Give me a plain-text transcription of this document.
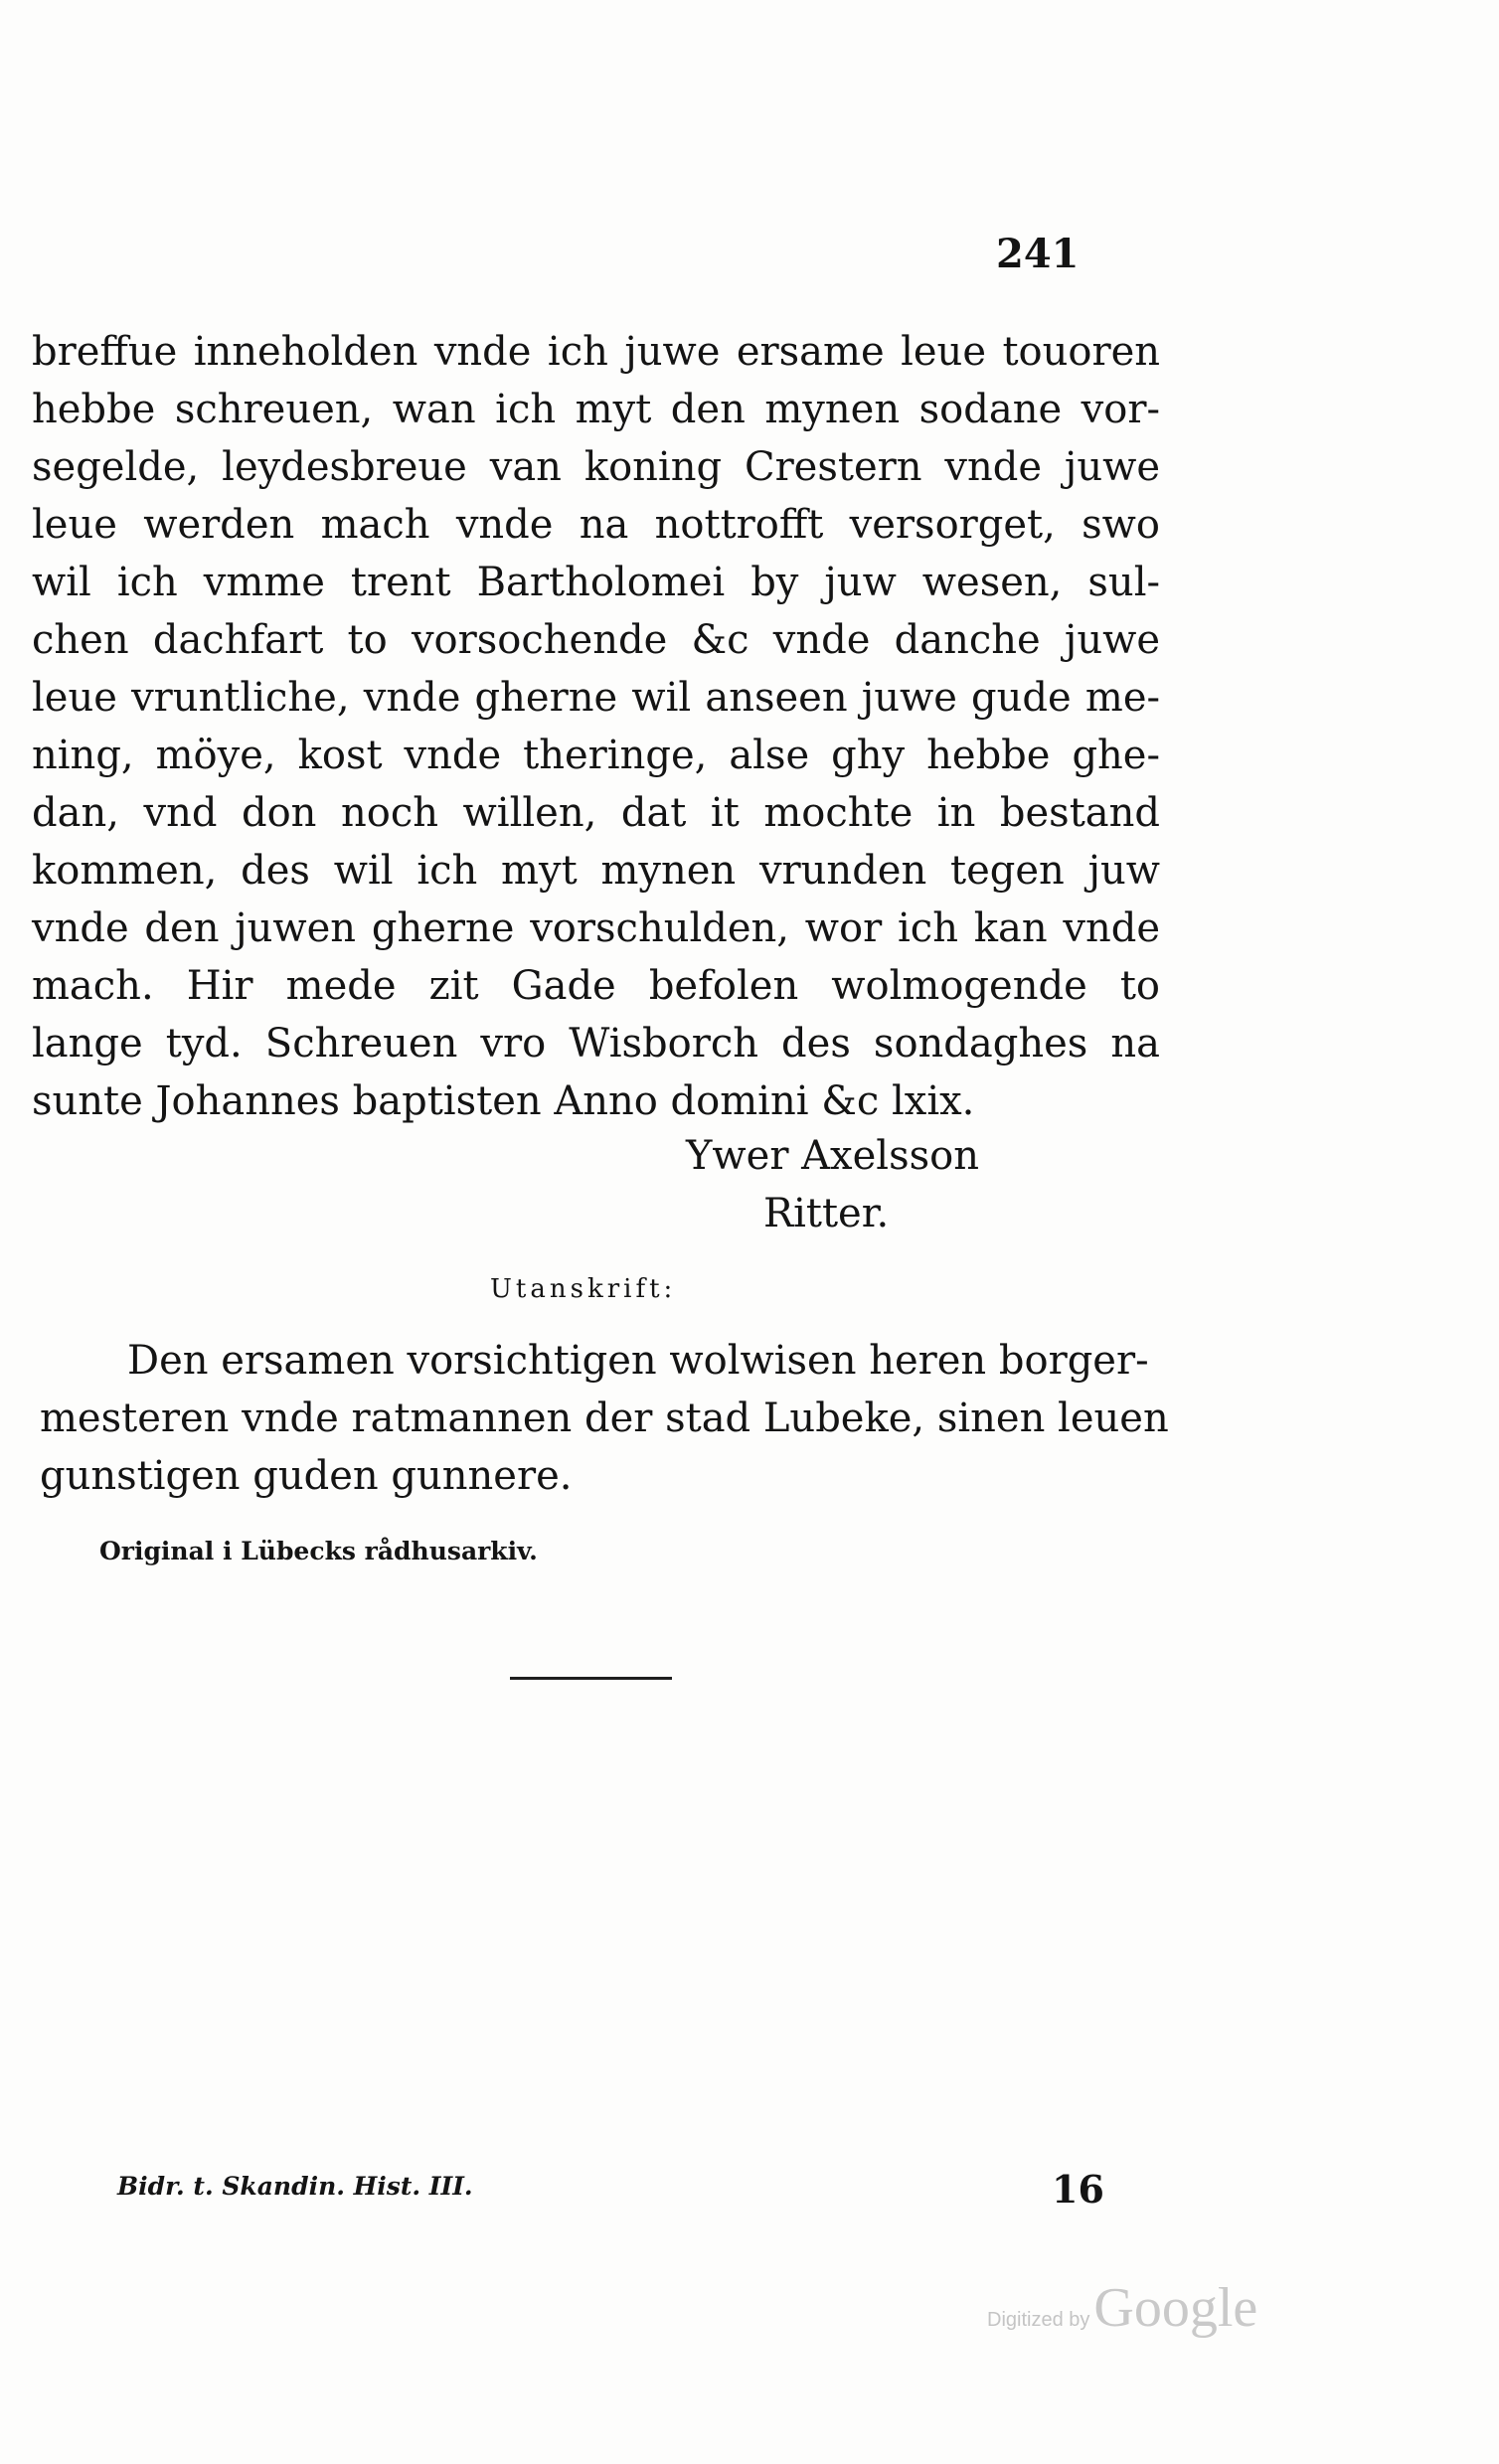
241
breffue inneholden vnde ich juwe ersame leue touoren
hebbe schreuen, wan ich myt den mynen sodane vor-
segelde, leydesbreue van koning Crestern vnde juwe
leue werden mach vnde na nottrofft versorget, swo
wil ich vmme trent Bartholomei by juw wesen, sul-
chen dachfart to vorsochende &c vnde danche juwe
leue vruntliche, vnde gherne wil anseen juwe gude me-
ning, möye, kost vnde theringe, alse ghy hebbe ghe-
dan, vnd don noch willen, dat it mochte in bestand
kommen, des wil ich myt mynen vrunden tegen juw
vnde den juwen gherne vorschulden, wor ich kan vnde
mach. Hir mede zit Gade befolen wolmogende to
lange tyd. Schreuen vro Wisborch des sondaghes na
sunte Johannes baptisten Anno domini &c lxix.
Ywer Axelsson
Ritter.
Utanskrift:
Den ersamen vorsichtigen wolwisen heren borger-
mesteren vnde ratmannen der stad Lubeke, sinen leuen
gunstigen guden gunnere.
Original i Lübecks rådhusarkiv.
Bidr. t. Skandin. Hist. III.	16
Digitized by Google
